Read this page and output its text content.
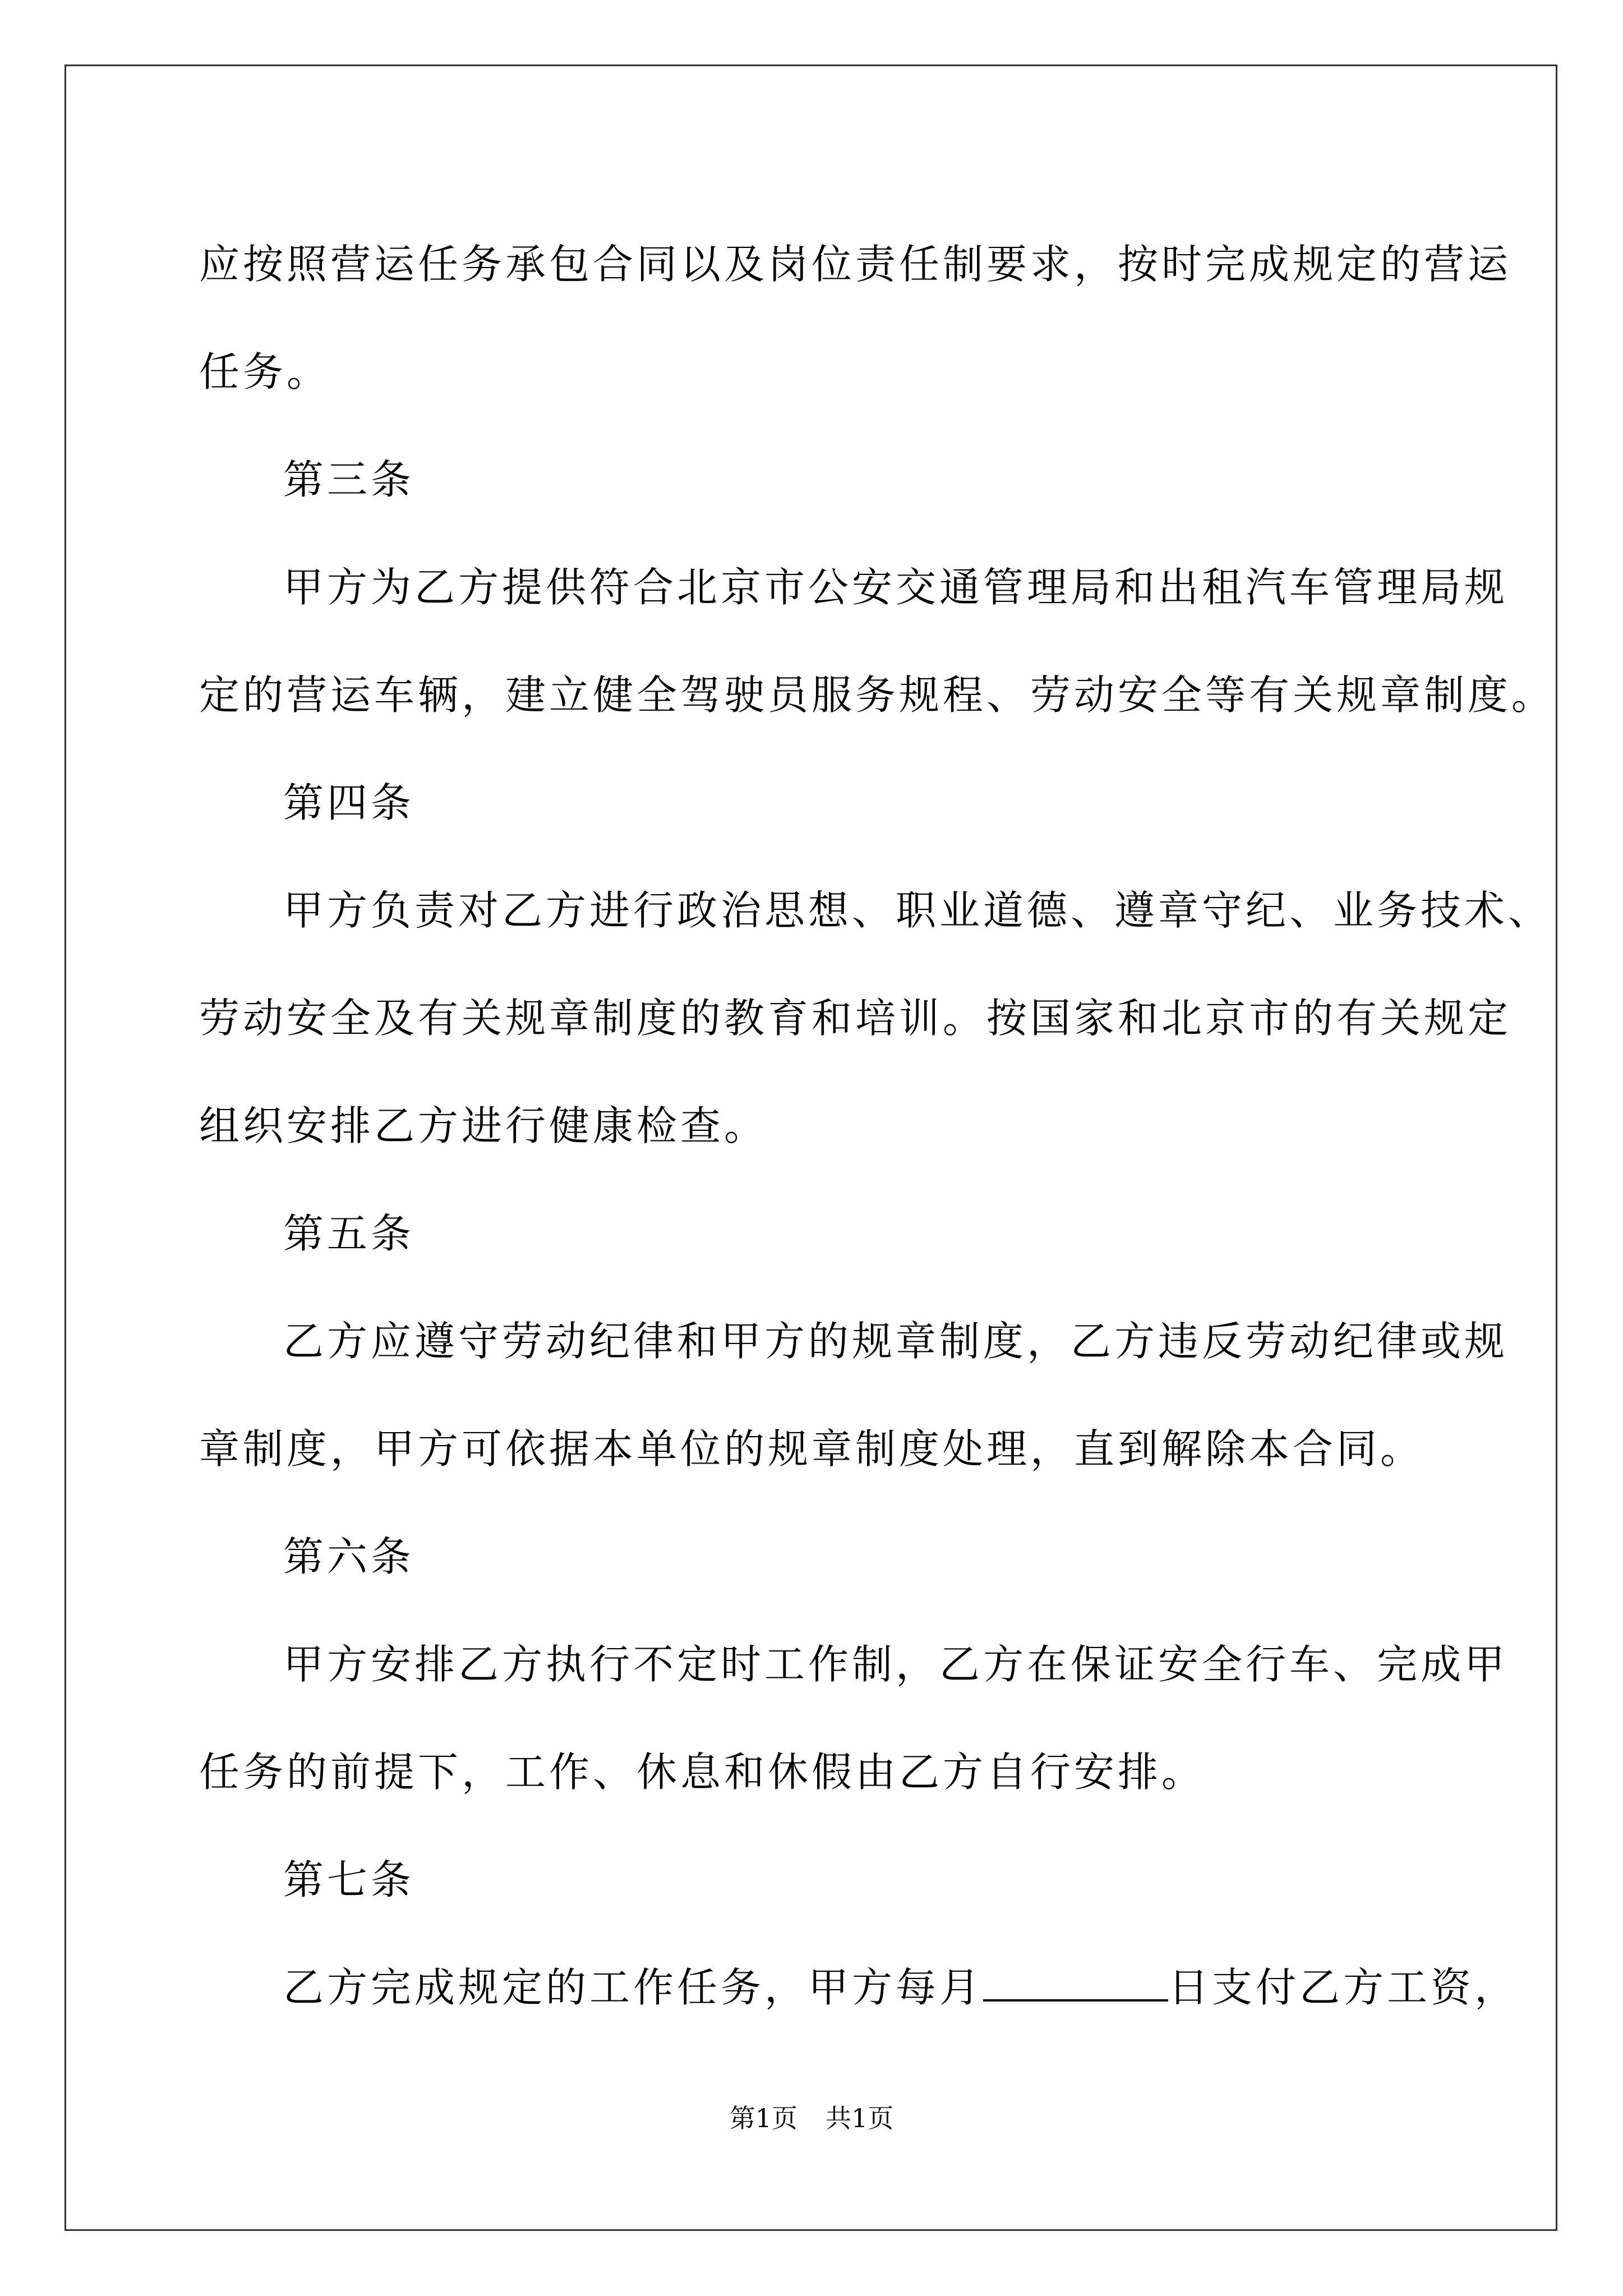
应按照营运任务承包合同以及岗位责任制要求，按时完成规定的营运

任务。

第三条

甲方为乙方提供符合北京市公安交通管理局和出租汽车管理局规

定的营运车辆，建立健全驾驶员服务规程、劳动安全等有关规章制度。

第四条

甲方负责对乙方进行政治思想、职业道德、遵章守纪、业务技术、

劳动安全及有关规章制度的教育和培训。按国家和北京市的有关规定

组织安排乙方进行健康检查。

第五条

乙方应遵守劳动纪律和甲方的规章制度，乙方违反劳动纪律或规

章制度，甲方可依据本单位的规章制度处理，直到解除本合同。

第六条

甲方安排乙方执行不定时工作制，乙方在保证安全行车、完成甲

任务的前提下，工作、休息和休假由乙方自行安排。

第七条

乙方完成规定的工作任务，甲方每月	日支付乙方工资，

第1页 共1页
